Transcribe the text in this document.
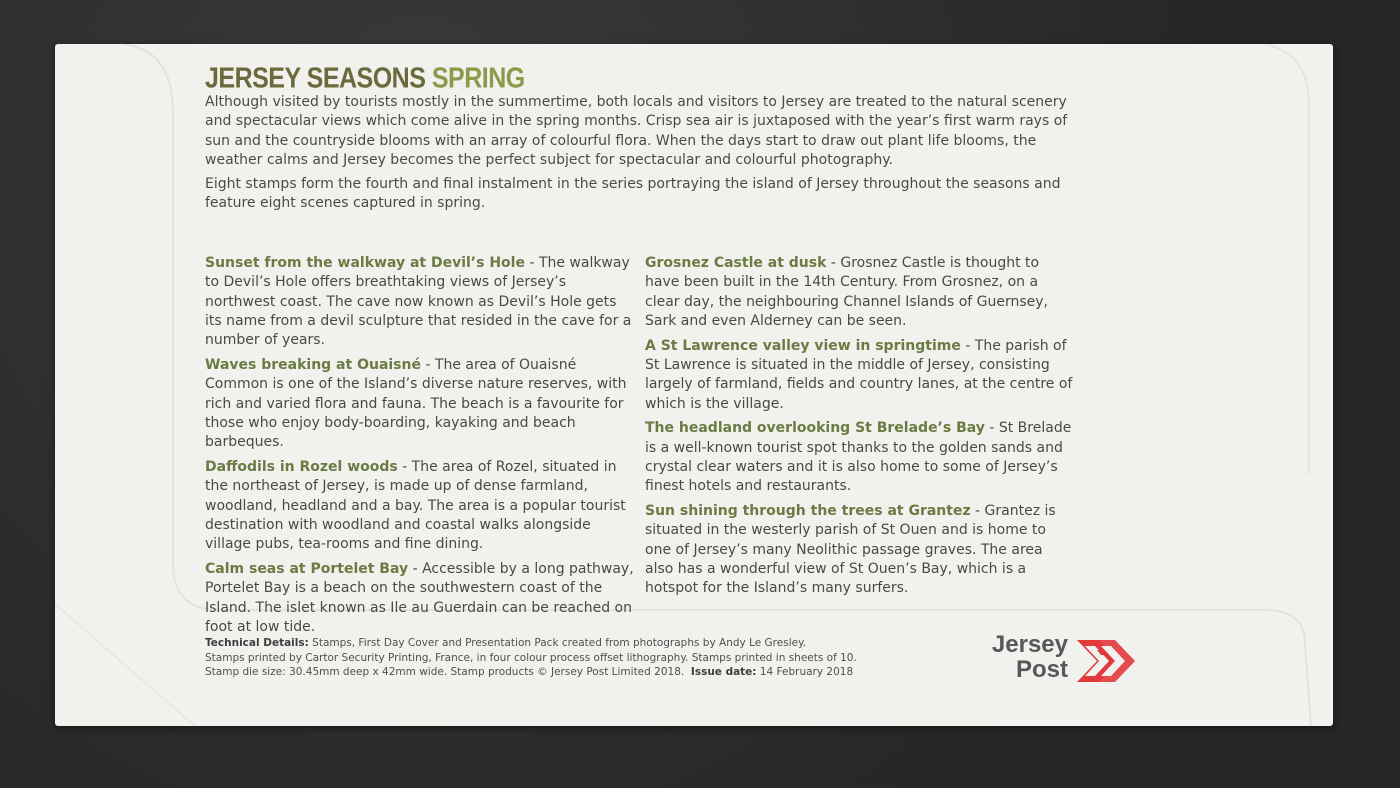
JERSEY SEASONS SPRING

Although visited by tourists mostly in the summertime, both locals and visitors to Jersey are treated to the natural scenery and spectacular views which come alive in the spring months. Crisp sea air is juxtaposed with the year’s first warm rays of sun and the countryside blooms with an array of colourful flora. When the days start to draw out plant life blooms, the weather calms and Jersey becomes the perfect subject for spectacular and colourful photography.

Eight stamps form the fourth and final instalment in the series portraying the island of Jersey throughout the seasons and feature eight scenes captured in spring.

Sunset from the walkway at Devil’s Hole - The walkway to Devil’s Hole offers breathtaking views of Jersey’s northwest coast. The cave now known as Devil’s Hole gets its name from a devil sculpture that resided in the cave for a number of years.

Waves breaking at Ouaisné - The area of Ouaisné Common is one of the Island’s diverse nature reserves, with rich and varied flora and fauna. The beach is a favourite for those who enjoy body-boarding, kayaking and beach barbeques.

Daffodils in Rozel woods - The area of Rozel, situated in the northeast of Jersey, is made up of dense farmland, woodland, headland and a bay. The area is a popular tourist destination with woodland and coastal walks alongside village pubs, tea-rooms and fine dining.

Calm seas at Portelet Bay - Accessible by a long pathway, Portelet Bay is a beach on the southwestern coast of the Island. The islet known as Ile au Guerdain can be reached on foot at low tide.

Grosnez Castle at dusk - Grosnez Castle is thought to have been built in the 14th Century. From Grosnez, on a clear day, the neighbouring Channel Islands of Guernsey, Sark and even Alderney can be seen.

A St Lawrence valley view in springtime - The parish of St Lawrence is situated in the middle of Jersey, consisting largely of farmland, fields and country lanes, at the centre of which is the village.

The headland overlooking St Brelade’s Bay - St Brelade is a well-known tourist spot thanks to the golden sands and crystal clear waters and it is also home to some of Jersey’s finest hotels and restaurants.

Sun shining through the trees at Grantez - Grantez is situated in the westerly parish of St Ouen and is home to one of Jersey’s many Neolithic passage graves. The area also has a wonderful view of St Ouen’s Bay, which is a hotspot for the Island’s many surfers.

Technical Details: Stamps, First Day Cover and Presentation Pack created from photographs by Andy Le Gresley.
Stamps printed by Cartor Security Printing, France, in four colour process offset lithography. Stamps printed in sheets of 10.
Stamp die size: 30.45mm deep x 42mm wide. Stamp products © Jersey Post Limited 2018. Issue date: 14 February 2018
Jersey
Post
